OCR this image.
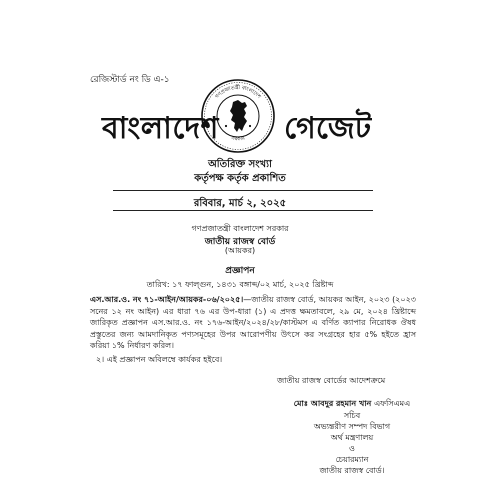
রেজিস্টার্ড নং ডি এ-১
বাংলাদেশ
গণপ্রজাতন্ত্রী বাংলাদেশ
সরকার গেজেট
অতিরিক্ত সংখ্যা
কর্তৃপক্ষ কর্তৃক প্রকাশিত
রবিবার, মার্চ ২, ২০২৫
গণপ্রজাতন্ত্রী বাংলাদেশ সরকার
জাতীয় রাজস্ব বোর্ড
(আয়কর)
প্রজ্ঞাপন
তারিখ: ১৭ ফাল্গুন, ১৪৩১ বঙ্গাব্দ/০২ মার্চ, ২০২৫ খ্রিষ্টাব্দ
এস.আর.ও. নং ৭১-আইন/আয়কর-০৬/২০২৫।—জাতীয় রাজস্ব বোর্ড, আয়কর আইন, ২০২৩ (২০২৩ সনের ১২ নং আইন) এর ধারা ৭৬ এর উপ-ধারা (১) এ প্রদত্ত ক্ষমতাবলে, ২৯ মে, ২০২৪ খ্রিষ্টাব্দে জারিকৃত প্রজ্ঞাপন এস.আর.ও. নং ১৭৬-আইন/২০২৪/২৮/কাস্টমস এ বর্ণিত ক্যাপার নিরোধক ঔষধ প্রস্তুতের জন্য আমদানিকৃত পণ্যসমূহের উপর আরোপণীয় উৎসে কর সংগ্রহের হার ৫% হইতে হ্রাস করিয়া ১% নির্ধারণ করিল।
২। এই প্রজ্ঞাপন অবিলম্বে কার্যকর হইবে।
জাতীয় রাজস্ব বোর্ডের আদেশক্রমে
মোঃ আবদুর রহমান খান এফসিএমএ
সচিব
অভ্যন্তরীণ সম্পদ বিভাগ
অর্থ মন্ত্রণালয়
ও
চেয়ারম্যান
জাতীয় রাজস্ব বোর্ড।
